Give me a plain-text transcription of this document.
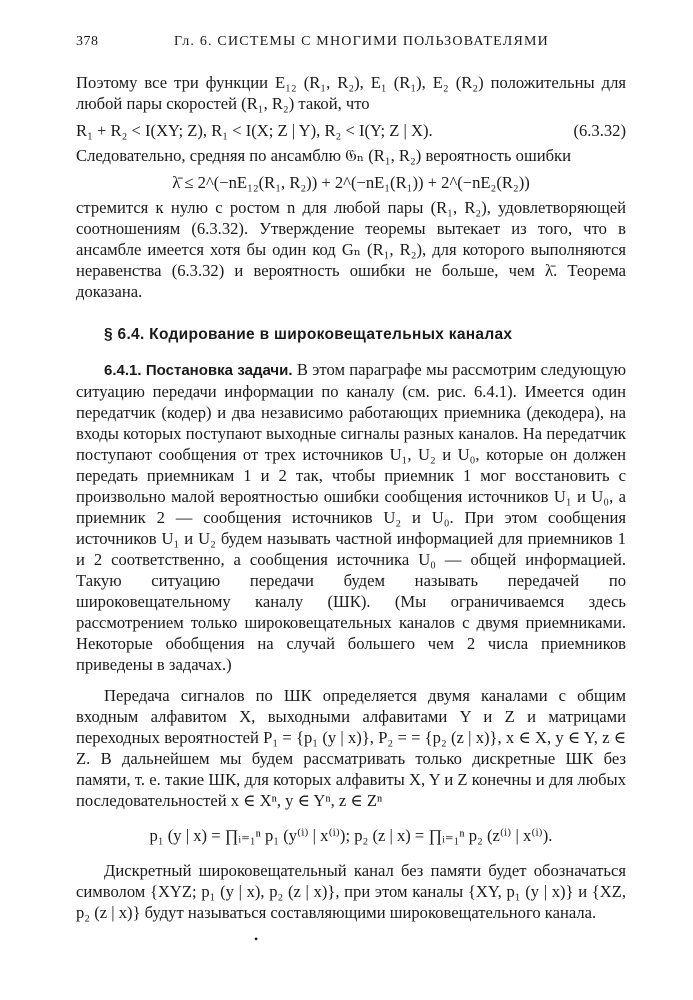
378	Гл. 6. СИСТЕМЫ С МНОГИМИ ПОЛЬЗОВАТЕЛЯМИ

Поэтому все три функции E₁₂ (R₁, R₂), E₁ (R₁), E₂ (R₂) положительны для любой пары скоростей (R₁, R₂) такой, что

R₁ + R₂ < I(XY; Z), R₁ < I(X; Z | Y), R₂ < I(Y; Z | X).	(6.3.32)

Следовательно, средняя по ансамблю 𝔊ₙ (R₁, R₂) вероятность ошибки

λ̄ ≤ 2^(−nE₁₂(R₁, R₂)) + 2^(−nE₁(R₁)) + 2^(−nE₂(R₂))

стремится к нулю с ростом n для любой пары (R₁, R₂), удовлетворяющей соотношениям (6.3.32). Утверждение теоремы вытекает из того, что в ансамбле имеется хотя бы один код Gₙ (R₁, R₂), для которого выполняются неравенства (6.3.32) и вероятность ошибки не больше, чем λ̄. Теорема доказана.

§ 6.4. Кодирование в широковещательных каналах

6.4.1. Постановка задачи. В этом параграфе мы рассмотрим следующую ситуацию передачи информации по каналу (см. рис. 6.4.1). Имеется один передатчик (кодер) и два независимо работающих приемника (декодера), на входы которых поступают выходные сигналы разных каналов. На передатчик поступают сообщения от трех источников U₁, U₂ и U₀, которые он должен передать приемникам 1 и 2 так, чтобы приемник 1 мог восстановить с произвольно малой вероятностью ошибки сообщения источников U₁ и U₀, а приемник 2 — сообщения источников U₂ и U₀. При этом сообщения источников U₁ и U₂ будем называть частной информацией для приемников 1 и 2 соответственно, а сообщения источника U₀ — общей информацией. Такую ситуацию передачи будем называть передачей по широковещательному каналу (ШК). (Мы ограничиваемся здесь рассмотрением только широковещательных каналов с двумя приемниками. Некоторые обобщения на случай большего чем 2 числа приемников приведены в задачах.)

Передача сигналов по ШК определяется двумя каналами с общим входным алфавитом X, выходными алфавитами Y и Z и матрицами переходных вероятностей P₁ = {p₁ (y | x)}, P₂ = = {p₂ (z | x)}, x ∈ X, y ∈ Y, z ∈ Z. В дальнейшем мы будем рассматривать только дискретные ШК без памяти, т. е. такие ШК, для которых алфавиты X, Y и Z конечны и для любых последовательностей x ∈ Xⁿ, y ∈ Yⁿ, z ∈ Zⁿ

p₁ (y | x) = ∏ᵢ₌₁ⁿ p₁ (y⁽ⁱ⁾ | x⁽ⁱ⁾); p₂ (z | x) = ∏ᵢ₌₁ⁿ p₂ (z⁽ⁱ⁾ | x⁽ⁱ⁾).

Дискретный широковещательный канал без памяти будет обозначаться символом {XYZ; p₁ (y | x), p₂ (z | x)}, при этом каналы {XY, p₁ (y | x)} и {XZ, p₂ (z | x)} будут называться составляющими широковещательного канала.

•
